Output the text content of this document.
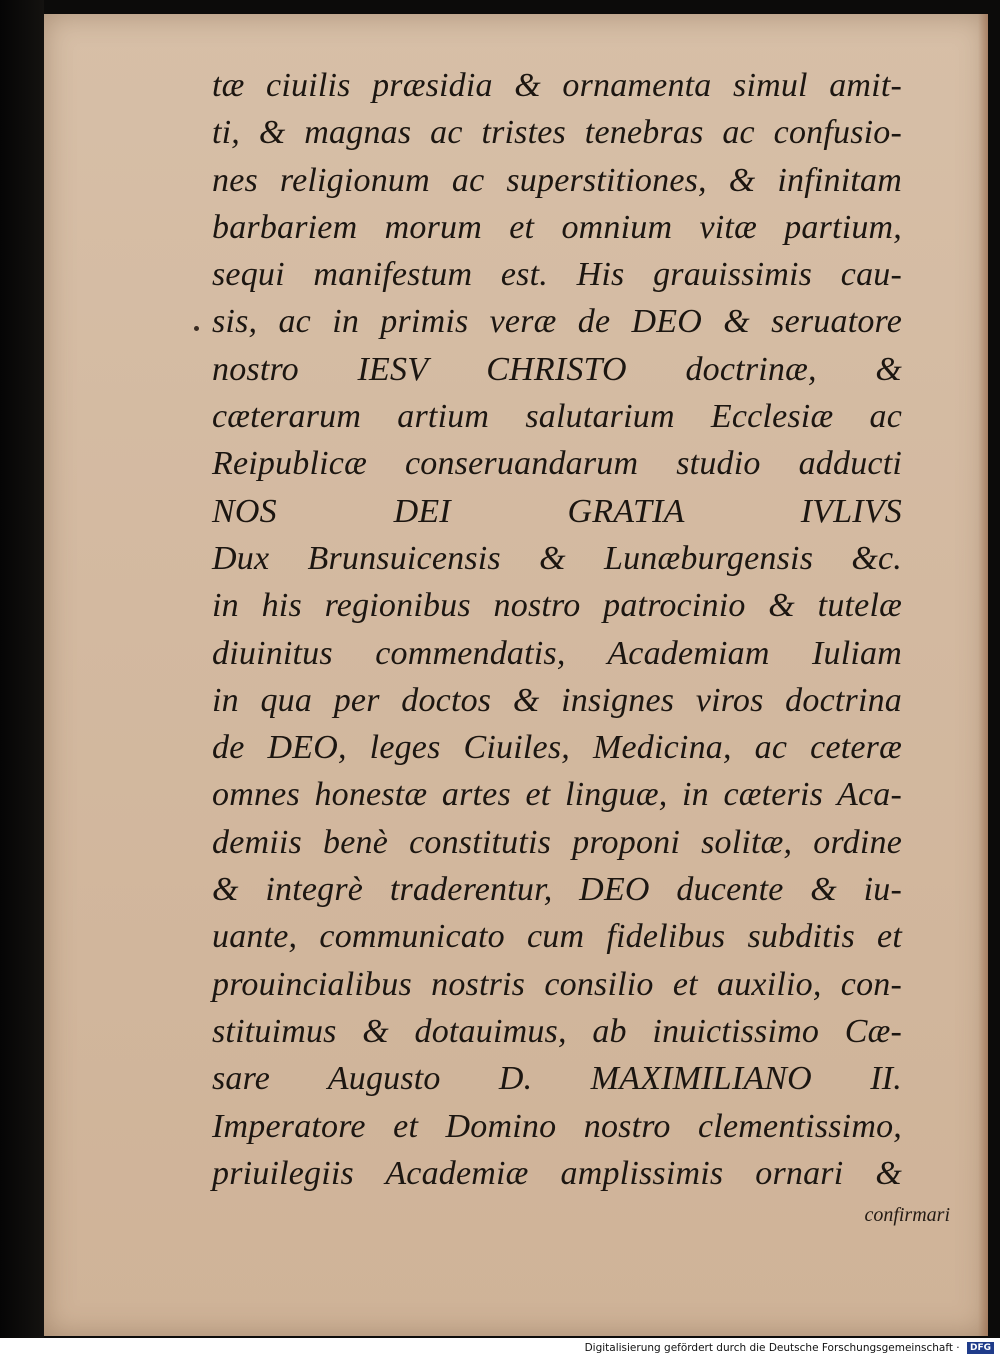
tæ ciuilis præsidia & ornamenta simul amit-
ti, & magnas ac tristes tenebras ac confusio-
nes religionum ac superstitiones, & infinitam
barbariem morum et omnium vitæ partium,
sequi manifestum est. His grauissimis cau-
sis, ac in primis veræ de DEO & seruatore
nostro IESV CHRISTO doctrinæ, &
cæterarum artium salutarium Ecclesiæ ac
Reipublicæ conseruandarum studio adducti
NOS DEI GRATIA IVLIVS
Dux Brunsuicensis & Lunæburgensis &c.
in his regionibus nostro patrocinio & tutelæ
diuinitus commendatis, Academiam Iuliam
in qua per doctos & insignes viros doctrina
de DEO, leges Ciuiles, Medicina, ac ceteræ
omnes honestæ artes et linguæ, in cæteris Aca-
demiis benè constitutis proponi solitæ, ordine
& integrè traderentur, DEO ducente & iu-
uante, communicato cum fidelibus subditis et
prouincialibus nostris consilio et auxilio, con-
stituimus & dotauimus, ab inuictissimo Cæ-
sare Augusto D. MAXIMILIANO II.
Imperatore et Domino nostro clementissimo,
priuilegiis Academiæ amplissimis ornari &
confirmari
Digitalisierung gefördert durch die Deutsche Forschungsgemeinschaft · DFG
